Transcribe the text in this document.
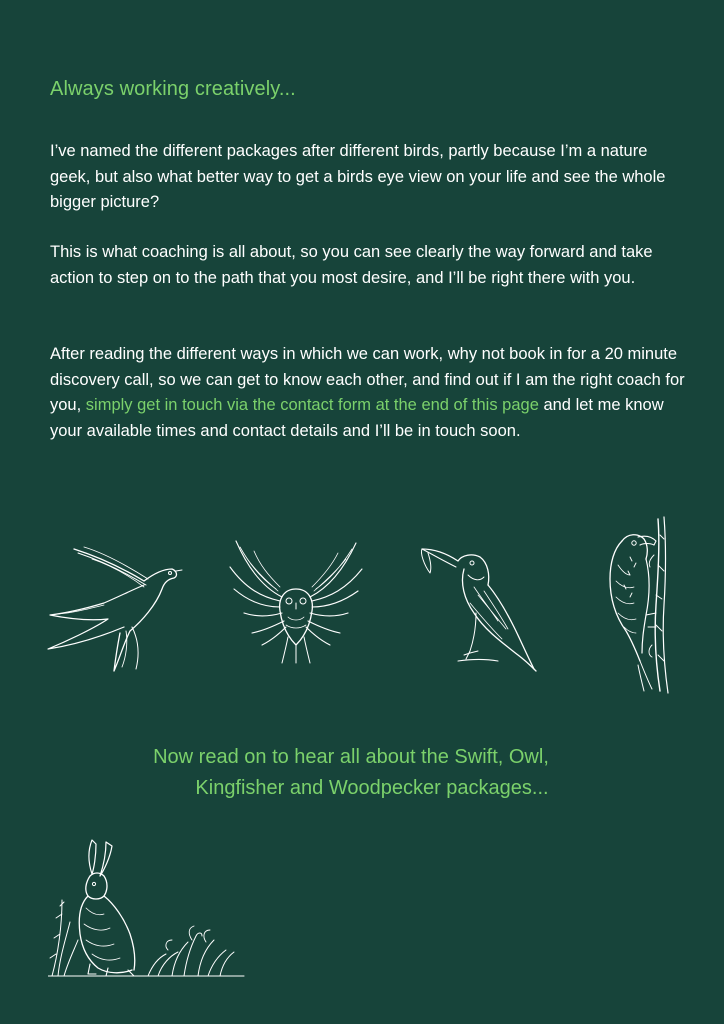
Always working creatively...

I’ve named the different packages after different birds, partly because I’m a nature geek, but also what better way to get a birds eye view on your life and see the whole bigger picture?

This is what coaching is all about, so you can see clearly the way forward and take action to step on to the path that you most desire, and I’ll be right there with you.

After reading the different ways in which we can work, why not book in for a 20 minute discovery call, so we can get to know each other, and find out if I am the right coach for you, simply get in touch via the contact form at the end of this page and let me know your available times and contact details and I’ll be in touch soon.

Now read on to hear all about the Swift, Owl,
Kingfisher and Woodpecker packages...
